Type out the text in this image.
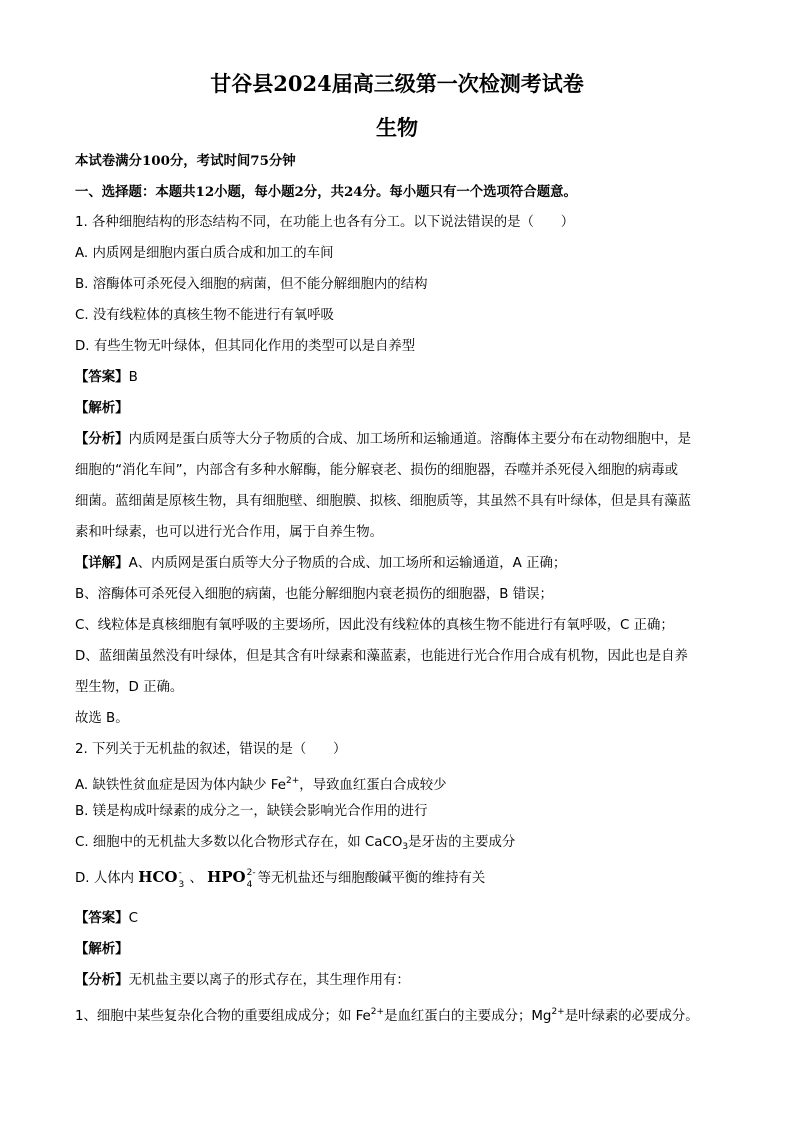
甘谷县2024届高三级第一次检测考试卷
生物
本试卷满分100分，考试时间75分钟
一、选择题：本题共12小题，每小题2分，共24分。每小题只有一个选项符合题意。
1. 各种细胞结构的形态结构不同，在功能上也各有分工。以下说法错误的是（　　）
A. 内质网是细胞内蛋白质合成和加工的车间
B. 溶酶体可杀死侵入细胞的病菌，但不能分解细胞内的结构
C. 没有线粒体的真核生物不能进行有氧呼吸
D. 有些生物无叶绿体，但其同化作用的类型可以是自养型
【答案】B
【解析】
【分析】内质网是蛋白质等大分子物质的合成、加工场所和运输通道。溶酶体主要分布在动物细胞中，是
细胞的“消化车间”，内部含有多种水解酶，能分解衰老、损伤的细胞器，吞噬并杀死侵入细胞的病毒或
细菌。蓝细菌是原核生物，具有细胞壁、细胞膜、拟核、细胞质等，其虽然不具有叶绿体，但是具有藻蓝
素和叶绿素，也可以进行光合作用，属于自养生物。
【详解】A、内质网是蛋白质等大分子物质的合成、加工场所和运输通道，A 正确；
B、溶酶体可杀死侵入细胞的病菌，也能分解细胞内衰老损伤的细胞器，B 错误；
C、线粒体是真核细胞有氧呼吸的主要场所，因此没有线粒体的真核生物不能进行有氧呼吸，C 正确；
D、蓝细菌虽然没有叶绿体，但是其含有叶绿素和藻蓝素，也能进行光合作用合成有机物，因此也是自养
型生物，D 正确。
故选 B。
2. 下列关于无机盐的叙述，错误的是（　　）
A. 缺铁性贫血症是因为体内缺少 $Fe^{2+}$，导致血红蛋白合成较少
B. 镁是构成叶绿素的成分之一，缺镁会影响光合作用的进行
C. 细胞中的无机盐大多数以化合物形式存在，如 CaCO$_3$是牙齿的主要成分
D. 人体内 HCO -
3 、 HPO 2-
4 等无机盐还与细胞酸碱平衡的维持有关
【答案】C
【解析】
【分析】无机盐主要以离子的形式存在，其生理作用有：
1、细胞中某些复杂化合物的重要组成成分；如 $Fe^{2+}$是血红蛋白的主要成分；$Mg^{2+}$是叶绿素的必要成分。
